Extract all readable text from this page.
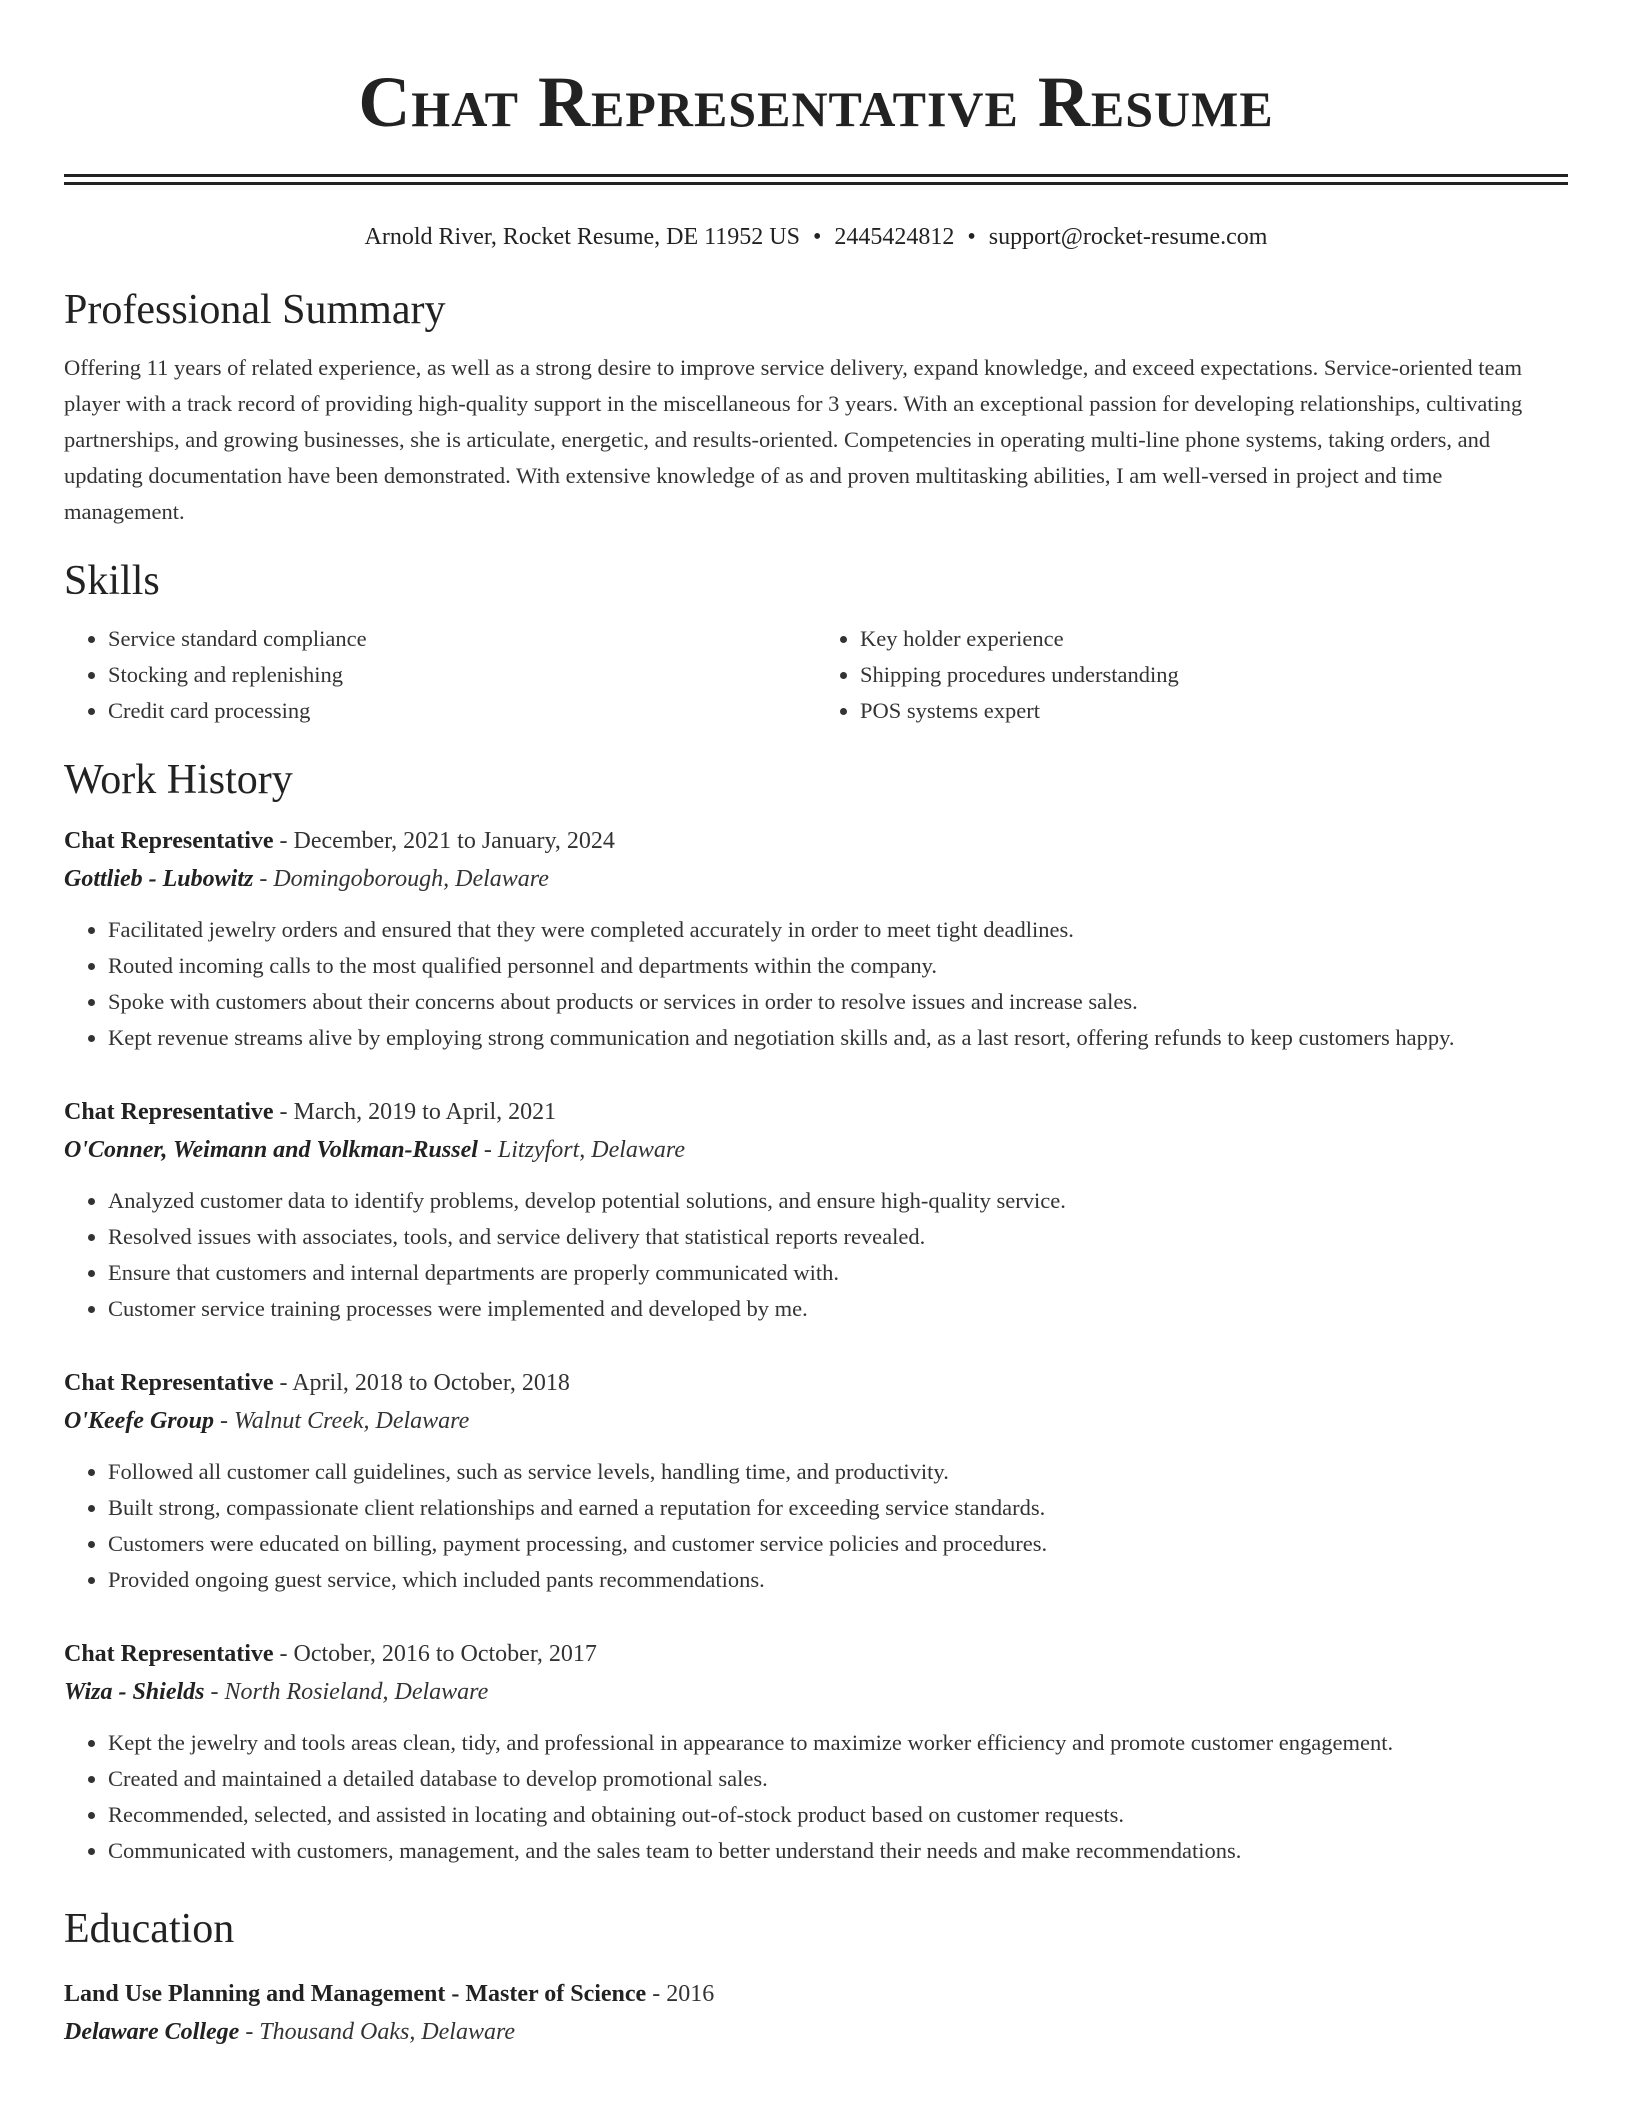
Chat Representative Resume
Arnold River, Rocket Resume, DE 11952 US • 2445424812 • support@rocket-resume.com
Professional Summary

Offering 11 years of related experience, as well as a strong desire to improve service delivery, expand knowledge, and exceed expectations. Service-oriented team player with a track record of providing high-quality support in the miscellaneous for 3 years. With an exceptional passion for developing relationships, cultivating partnerships, and growing businesses, she is articulate, energetic, and results-oriented. Competencies in operating multi-line phone systems, taking orders, and updating documentation have been demonstrated. With extensive knowledge of as and proven multitasking abilities, I am well-versed in project and time management.

Skills
• Service standard compliance
• Stocking and replenishing
• Credit card processing
• Key holder experience
• Shipping procedures understanding
• POS systems expert
Work History
Chat Representative - December, 2021 to January, 2024
Gottlieb - Lubowitz - Domingoborough, Delaware
• Facilitated jewelry orders and ensured that they were completed accurately in order to meet tight deadlines.
• Routed incoming calls to the most qualified personnel and departments within the company.
• Spoke with customers about their concerns about products or services in order to resolve issues and increase sales.
• Kept revenue streams alive by employing strong communication and negotiation skills and, as a last resort, offering refunds to keep customers happy.
Chat Representative - March, 2019 to April, 2021
O'Conner, Weimann and Volkman-Russel - Litzyfort, Delaware
• Analyzed customer data to identify problems, develop potential solutions, and ensure high-quality service.
• Resolved issues with associates, tools, and service delivery that statistical reports revealed.
• Ensure that customers and internal departments are properly communicated with.
• Customer service training processes were implemented and developed by me.
Chat Representative - April, 2018 to October, 2018
O'Keefe Group - Walnut Creek, Delaware
• Followed all customer call guidelines, such as service levels, handling time, and productivity.
• Built strong, compassionate client relationships and earned a reputation for exceeding service standards.
• Customers were educated on billing, payment processing, and customer service policies and procedures.
• Provided ongoing guest service, which included pants recommendations.
Chat Representative - October, 2016 to October, 2017
Wiza - Shields - North Rosieland, Delaware
• Kept the jewelry and tools areas clean, tidy, and professional in appearance to maximize worker efficiency and promote customer engagement.
• Created and maintained a detailed database to develop promotional sales.
• Recommended, selected, and assisted in locating and obtaining out-of-stock product based on customer requests.
• Communicated with customers, management, and the sales team to better understand their needs and make recommendations.
Education
Land Use Planning and Management - Master of Science - 2016
Delaware College - Thousand Oaks, Delaware
